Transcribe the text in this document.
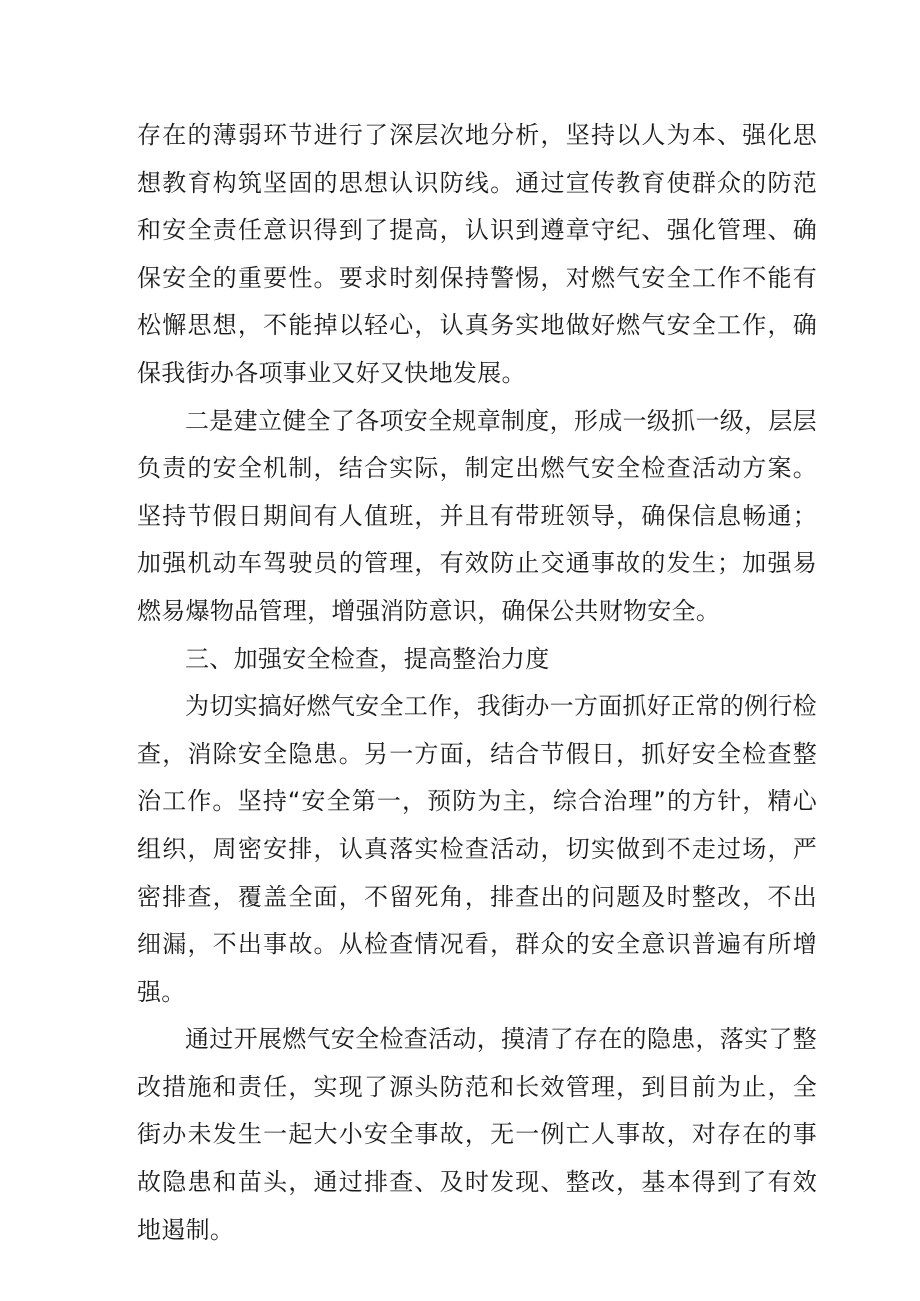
存在的薄弱环节进行了深层次地分析，坚持以人为本、强化思想教育构筑坚固的思想认识防线。通过宣传教育使群众的防范和安全责任意识得到了提高，认识到遵章守纪、强化管理、确保安全的重要性。要求时刻保持警惕，对燃气安全工作不能有松懈思想，不能掉以轻心，认真务实地做好燃气安全工作，确保我街办各项事业又好又快地发展。

二是建立健全了各项安全规章制度，形成一级抓一级，层层负责的安全机制，结合实际，制定出燃气安全检查活动方案。坚持节假日期间有人值班，并且有带班领导，确保信息畅通；加强机动车驾驶员的管理，有效防止交通事故的发生；加强易燃易爆物品管理，增强消防意识，确保公共财物安全。

三、加强安全检查，提高整治力度

为切实搞好燃气安全工作，我街办一方面抓好正常的例行检查，消除安全隐患。另一方面，结合节假日，抓好安全检查整治工作。坚持“安全第一，预防为主，综合治理”的方针，精心组织，周密安排，认真落实检查活动，切实做到不走过场，严密排查，覆盖全面，不留死角，排查出的问题及时整改，不出细漏，不出事故。从检查情况看，群众的安全意识普遍有所增强。

通过开展燃气安全检查活动，摸清了存在的隐患，落实了整改措施和责任，实现了源头防范和长效管理，到目前为止，全街办未发生一起大小安全事故，无一例亡人事故，对存在的事故隐患和苗头，通过排查、及时发现、整改，基本得到了有效地遏制。
